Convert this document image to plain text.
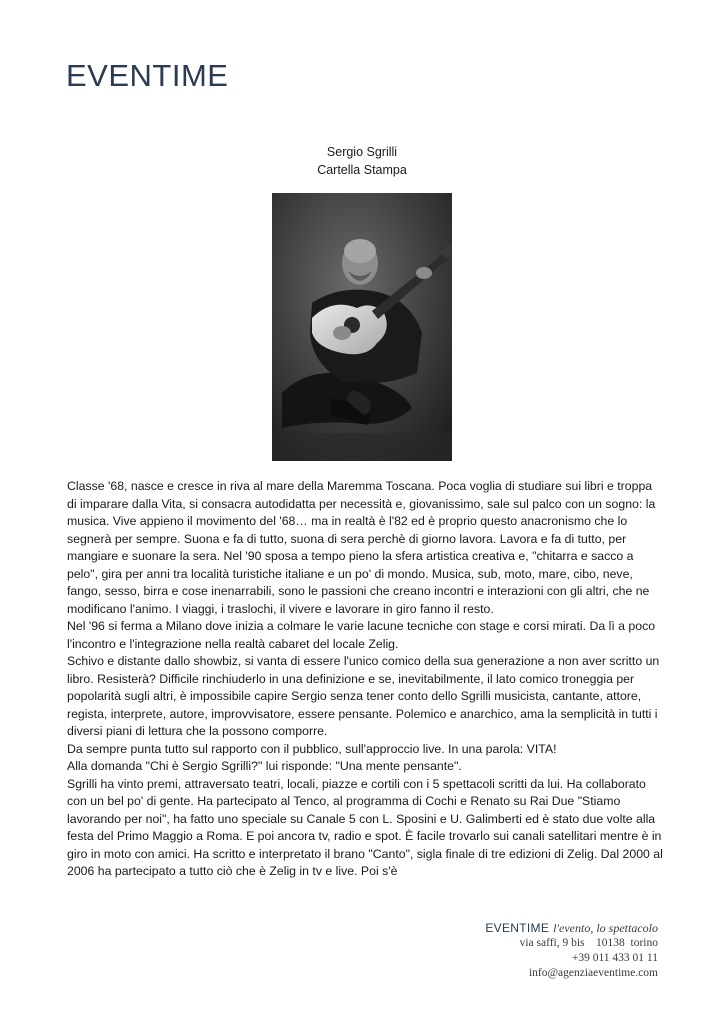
EVENTIME
Sergio Sgrilli
Cartella Stampa

Classe '68, nasce e cresce in riva al mare della Maremma Toscana. Poca voglia di studiare sui libri e troppa di imparare dalla Vita, si consacra autodidatta per necessità e, giovanissimo, sale sul palco con un sogno: la musica. Vive appieno il movimento del '68… ma in realtà è l'82 ed è proprio questo anacronismo che lo segnerà per sempre. Suona e fa di tutto, suona di sera perchè di giorno lavora. Lavora e fa di tutto, per mangiare e suonare la sera. Nel '90 sposa a tempo pieno la sfera artistica creativa e, "chitarra e sacco a pelo", gira per anni tra località turistiche italiane e un po' di mondo. Musica, sub, moto, mare, cibo, neve, fango, sesso, birra e cose inenarrabili, sono le passioni che creano incontri e interazioni con gli altri, che ne modificano l'animo. I viaggi, i traslochi, il vivere e lavorare in giro fanno il resto.

Nel '96 si ferma a Milano dove inizia a colmare le varie lacune tecniche con stage e corsi mirati. Da lì a poco l'incontro e l'integrazione nella realtà cabaret del locale Zelig.

Schivo e distante dallo showbiz, si vanta di essere l'unico comico della sua generazione a non aver scritto un libro. Resisterà? Difficile rinchiuderlo in una definizione e se, inevitabilmente, il lato comico troneggia per popolarità sugli altri, è impossibile capire Sergio senza tener conto dello Sgrilli musicista, cantante, attore, regista, interprete, autore, improvvisatore, essere pensante. Polemico e anarchico, ama la semplicità in tutti i diversi piani di lettura che la possono comporre.

Da sempre punta tutto sul rapporto con il pubblico, sull'approccio live. In una parola: VITA!

Alla domanda "Chi è Sergio Sgrilli?" lui risponde: "Una mente pensante".

Sgrilli ha vinto premi, attraversato teatri, locali, piazze e cortili con i 5 spettacoli scritti da lui. Ha collaborato con un bel po' di gente. Ha partecipato al Tenco, al programma di Cochi e Renato su Rai Due "Stiamo lavorando per noi", ha fatto uno speciale su Canale 5 con L. Sposini e U. Galimberti ed è stato due volte alla festa del Primo Maggio a Roma. E poi ancora tv, radio e spot. È facile trovarlo sui canali satellitari mentre è in giro in moto con amici. Ha scritto e interpretato il brano "Canto", sigla finale di tre edizioni di Zelig. Dal 2000 al 2006 ha partecipato a tutto ciò che è Zelig in tv e live. Poi s'è

EVENTIME l'evento, lo spettacolo
via saffi, 9 bis    10138  torino
+39 011 433 01 11
info@agenziaeventime.com
